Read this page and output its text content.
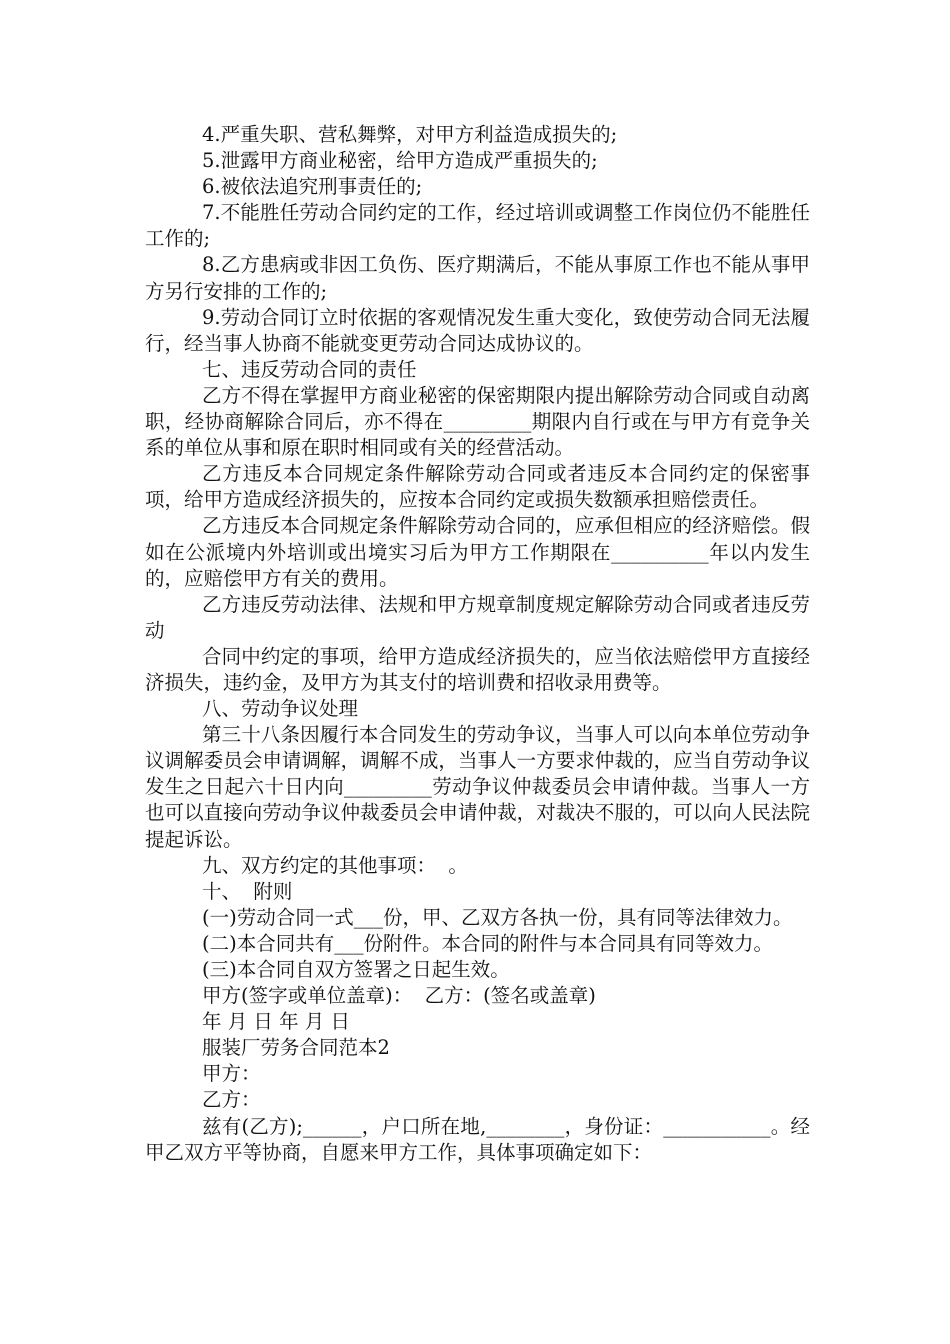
4.严重失职、营私舞弊，对甲方利益造成损失的;

5.泄露甲方商业秘密，给甲方造成严重损失的;

6.被依法追究刑事责任的;

7.不能胜任劳动合同约定的工作，经过培训或调整工作岗位仍不能胜任工作的;

8.乙方患病或非因工负伤、医疗期满后，不能从事原工作也不能从事甲方另行安排的工作的;

9.劳动合同订立时依据的客观情况发生重大变化，致使劳动合同无法履行，经当事人协商不能就变更劳动合同达成协议的。

七、违反劳动合同的责任

乙方不得在掌握甲方商业秘密的保密期限内提出解除劳动合同或自动离职，经协商解除合同后，亦不得在_________期限内自行或在与甲方有竞争关系的单位从事和原在职时相同或有关的经营活动。

乙方违反本合同规定条件解除劳动合同或者违反本合同约定的保密事项，给甲方造成经济损失的，应按本合同约定或损失数额承担赔偿责任。

乙方违反本合同规定条件解除劳动合同的，应承但相应的经济赔偿。假如在公派境内外培训或出境实习后为甲方工作期限在__________年以内发生的，应赔偿甲方有关的费用。

乙方违反劳动法律、法规和甲方规章制度规定解除劳动合同或者违反劳动

合同中约定的事项，给甲方造成经济损失的，应当依法赔偿甲方直接经济损失，违约金，及甲方为其支付的培训费和招收录用费等。

八、劳动争议处理

第三十八条因履行本合同发生的劳动争议，当事人可以向本单位劳动争议调解委员会申请调解，调解不成，当事人一方要求仲裁的，应当自劳动争议发生之日起六十日内向_________劳动争议仲裁委员会申请仲裁。当事人一方也可以直接向劳动争议仲裁委员会申请仲裁，对裁决不服的，可以向人民法院提起诉讼。

九、双方约定的其他事项：  。

十、  附则

(一)劳动合同一式___份，甲、乙双方各执一份，具有同等法律效力。

(二)本合同共有___份附件。本合同的附件与本合同具有同等效力。

(三)本合同自双方签署之日起生效。

甲方(签字或单位盖章)：  乙方：(签名或盖章)

年 月 日 年 月 日

服装厂劳务合同范本2

甲方：

乙方：

兹有(乙方);______，户口所在地,________，身份证：___________。经甲乙双方平等协商，自愿来甲方工作，具体事项确定如下：
